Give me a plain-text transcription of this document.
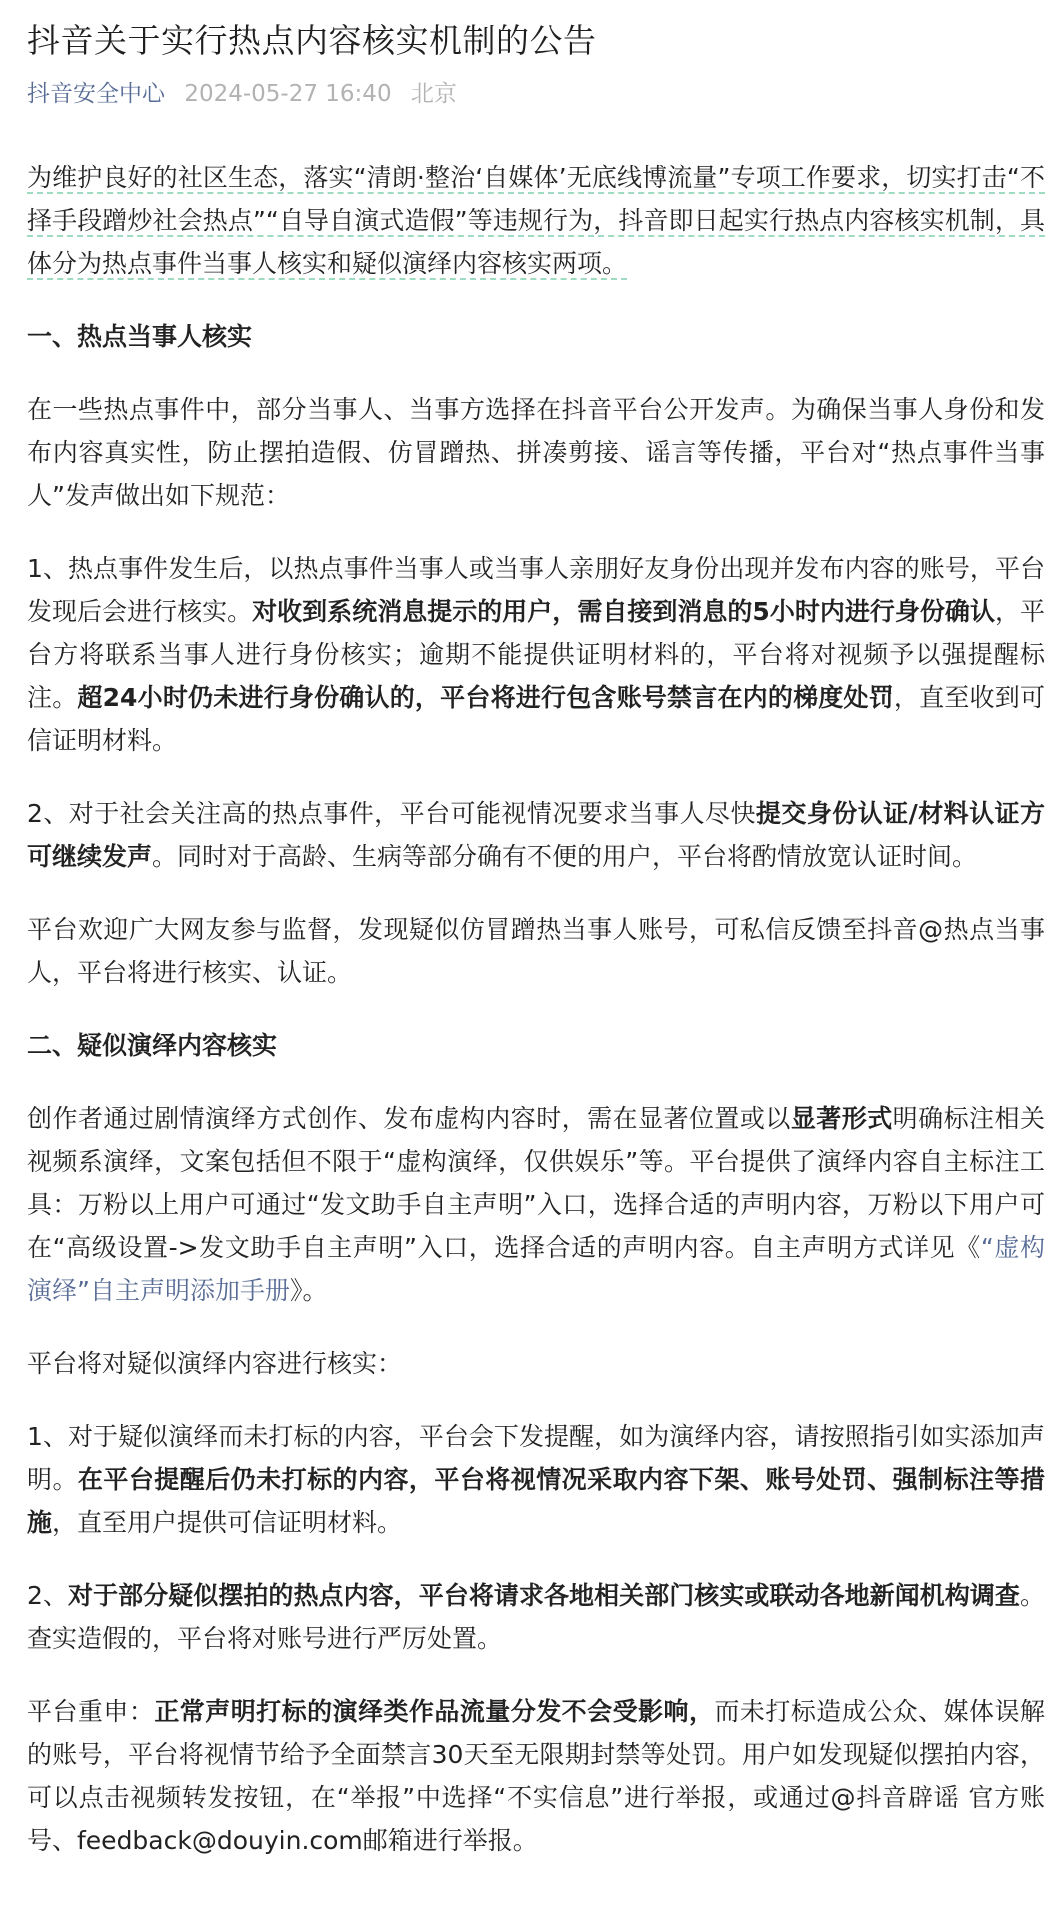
抖音关于实行热点内容核实机制的公告
抖音安全中心 2024-05-27 16:40 北京

为维护良好的社区生态，落实“清朗·整治‘自媒体’无底线博流量”专项工作要求，切实打击“不择手段蹭炒社会热点”“自导自演式造假”等违规行为，抖音即日起实行热点内容核实机制，具体分为热点事件当事人核实和疑似演绎内容核实两项。

一、热点当事人核实

在一些热点事件中，部分当事人、当事方选择在抖音平台公开发声。为确保当事人身份和发布内容真实性，防止摆拍造假、仿冒蹭热、拼凑剪接、谣言等传播，平台对“热点事件当事人”发声做出如下规范：

1、热点事件发生后，以热点事件当事人或当事人亲朋好友身份出现并发布内容的账号，平台发现后会进行核实。对收到系统消息提示的用户，需自接到消息的5小时内进行身份确认，平台方将联系当事人进行身份核实；逾期不能提供证明材料的，平台将对视频予以强提醒标注。超24小时仍未进行身份确认的，平台将进行包含账号禁言在内的梯度处罚，直至收到可信证明材料。

2、对于社会关注高的热点事件，平台可能视情况要求当事人尽快提交身份认证/材料认证方可继续发声。同时对于高龄、生病等部分确有不便的用户，平台将酌情放宽认证时间。

平台欢迎广大网友参与监督，发现疑似仿冒蹭热当事人账号，可私信反馈至抖音@热点当事人，平台将进行核实、认证。

二、疑似演绎内容核实

创作者通过剧情演绎方式创作、发布虚构内容时，需在显著位置或以显著形式明确标注相关视频系演绎，文案包括但不限于“虚构演绎，仅供娱乐”等。平台提供了演绎内容自主标注工具：万粉以上用户可通过“发文助手自主声明”入口，选择合适的声明内容，万粉以下用户可在“高级设置->发文助手自主声明”入口，选择合适的声明内容。自主声明方式详见《“虚构演绎”自主声明添加手册》。

平台将对疑似演绎内容进行核实：

1、对于疑似演绎而未打标的内容，平台会下发提醒，如为演绎内容，请按照指引如实添加声明。在平台提醒后仍未打标的内容，平台将视情况采取内容下架、账号处罚、强制标注等措施，直至用户提供可信证明材料。

2、对于部分疑似摆拍的热点内容，平台将请求各地相关部门核实或联动各地新闻机构调查。查实造假的，平台将对账号进行严厉处置。

平台重申：正常声明打标的演绎类作品流量分发不会受影响，而未打标造成公众、媒体误解的账号，平台将视情节给予全面禁言30天至无限期封禁等处罚。用户如发现疑似摆拍内容，可以点击视频转发按钮，在“举报”中选择“不实信息”进行举报，或通过@抖音辟谣 官方账号、feedback@douyin.com邮箱进行举报。
